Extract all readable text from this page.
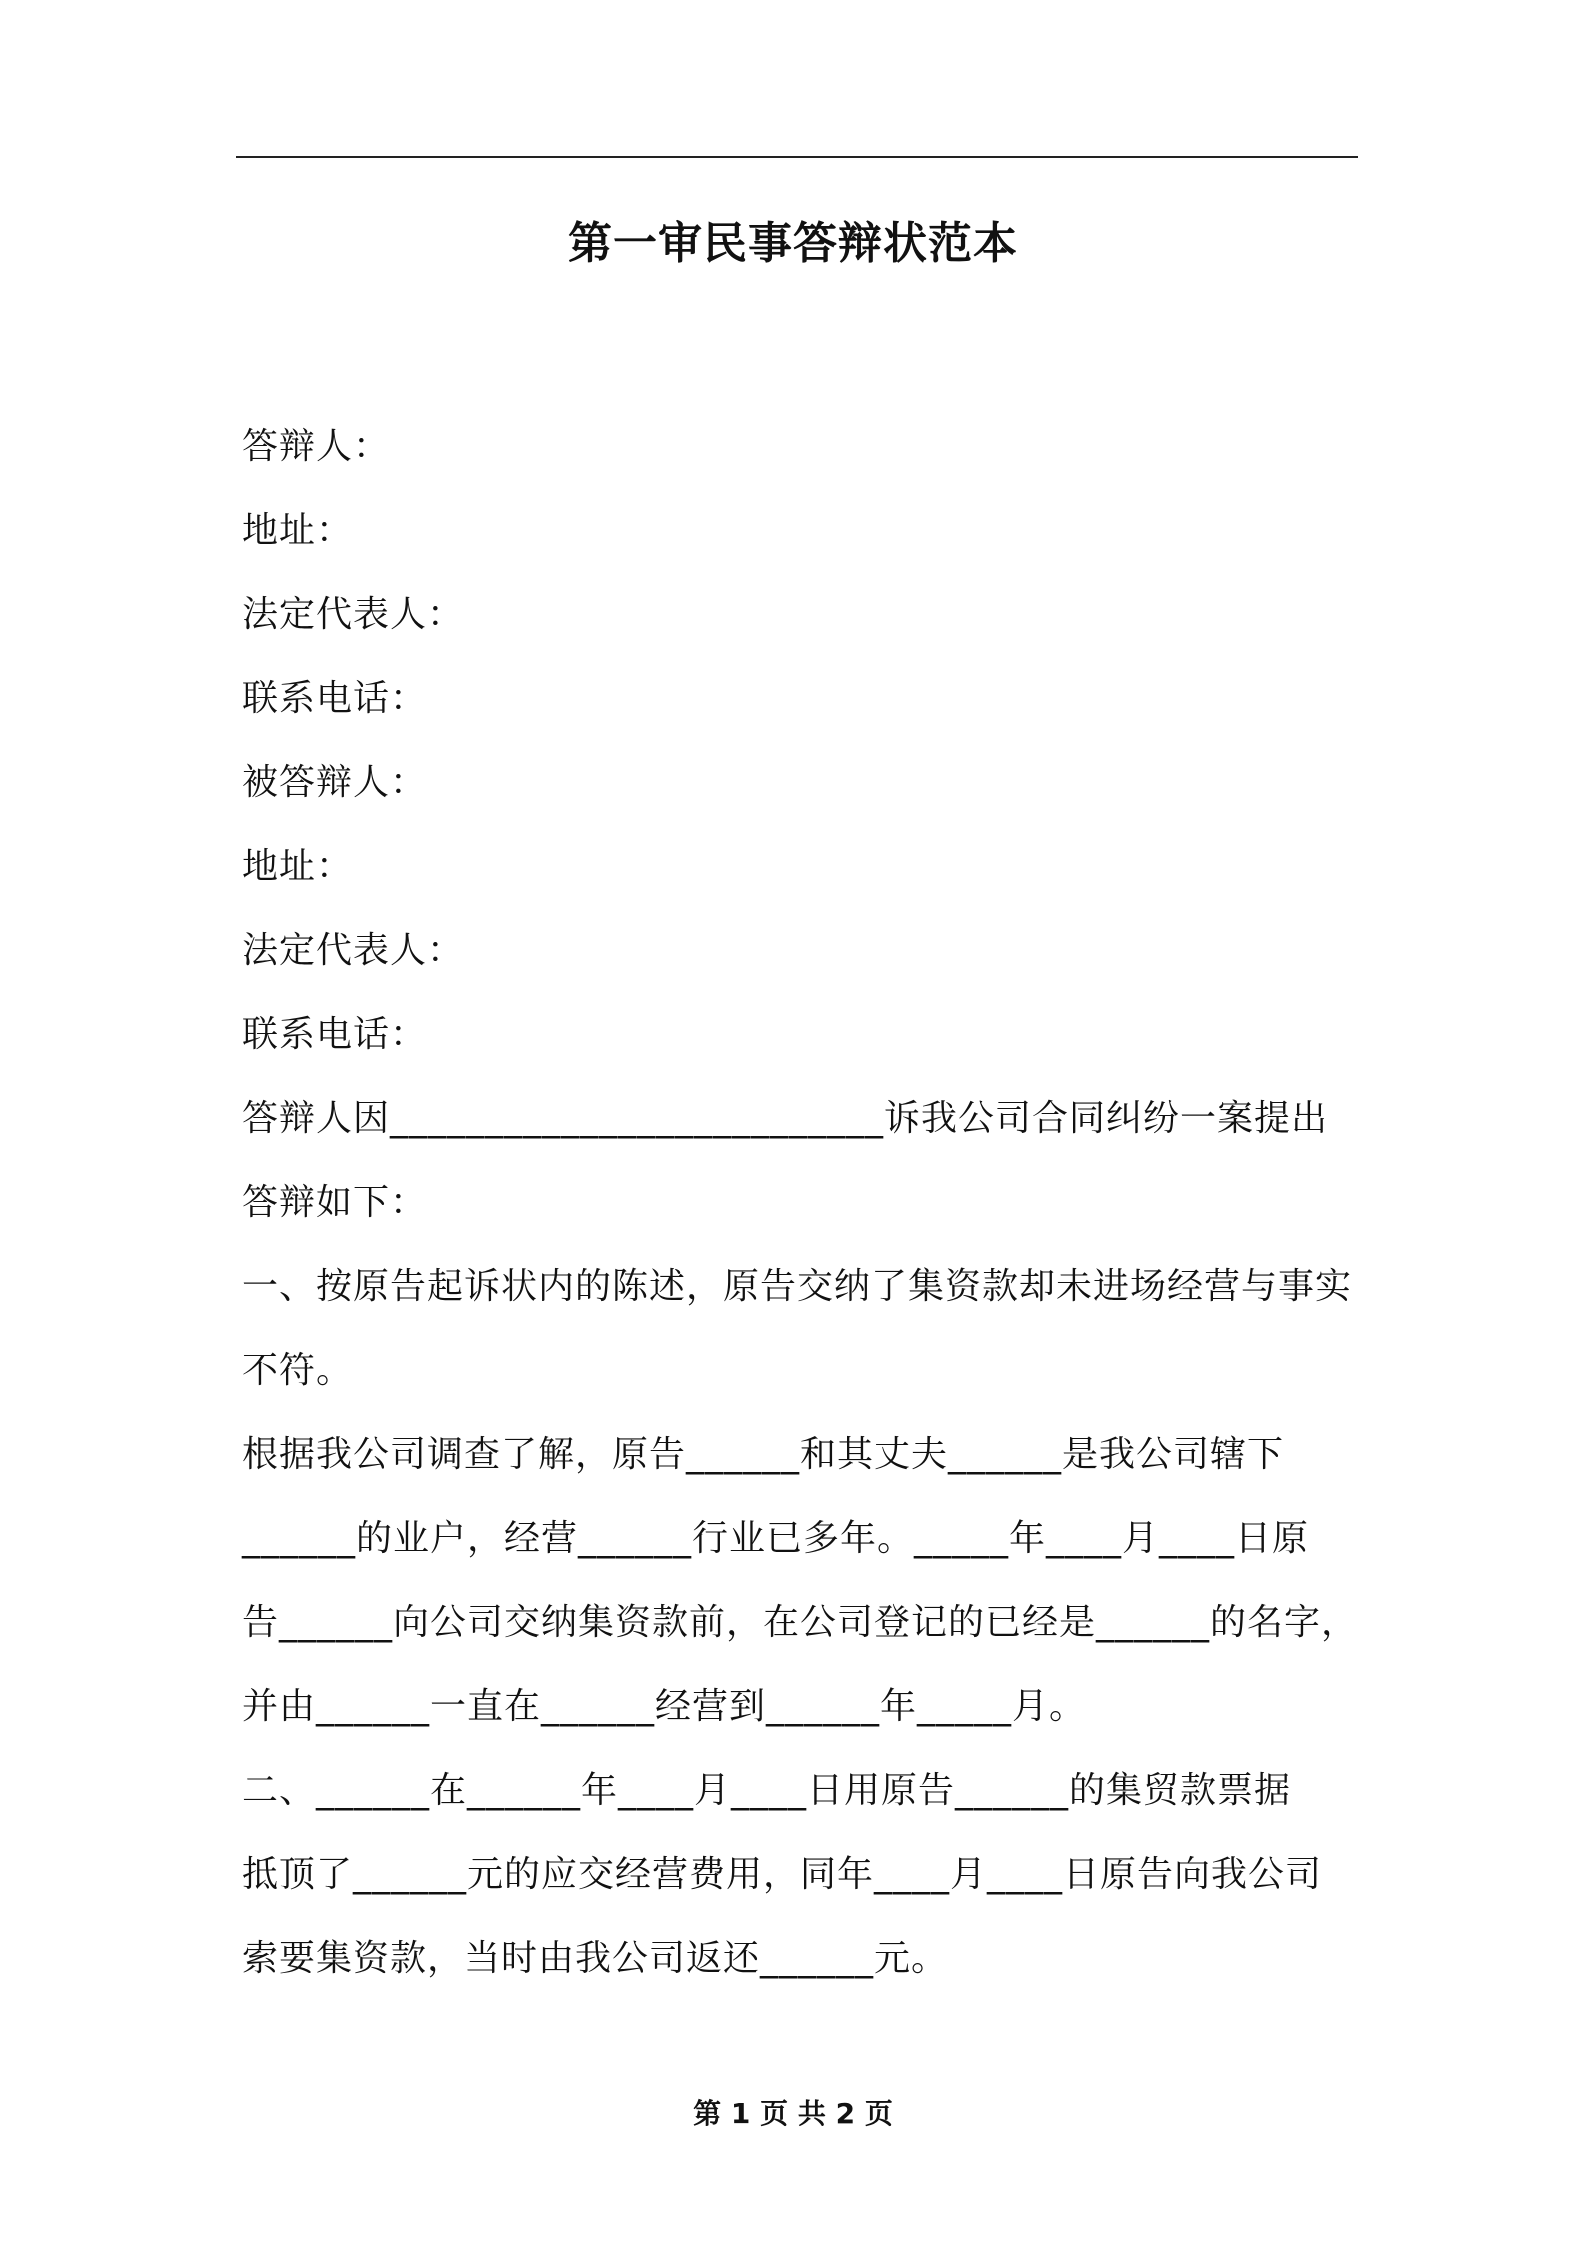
第一审民事答辩状范本
答辩人：
地址：
法定代表人：
联系电话：
被答辩人：
地址：
法定代表人：
联系电话：
答辩人因__________________________诉我公司合同纠纷一案提出
答辩如下：
一、按原告起诉状内的陈述，原告交纳了集资款却未进场经营与事实
不符。
根据我公司调查了解，原告______和其丈夫______是我公司辖下
______的业户，经营______行业已多年。_____年____月____日原
告______向公司交纳集资款前，在公司登记的已经是______的名字，
并由______一直在______经营到______年_____月。
二、______在______年____月____日用原告______的集贸款票据
抵顶了______元的应交经营费用，同年____月____日原告向我公司
索要集资款，当时由我公司返还______元。
第 1 页 共 2 页
